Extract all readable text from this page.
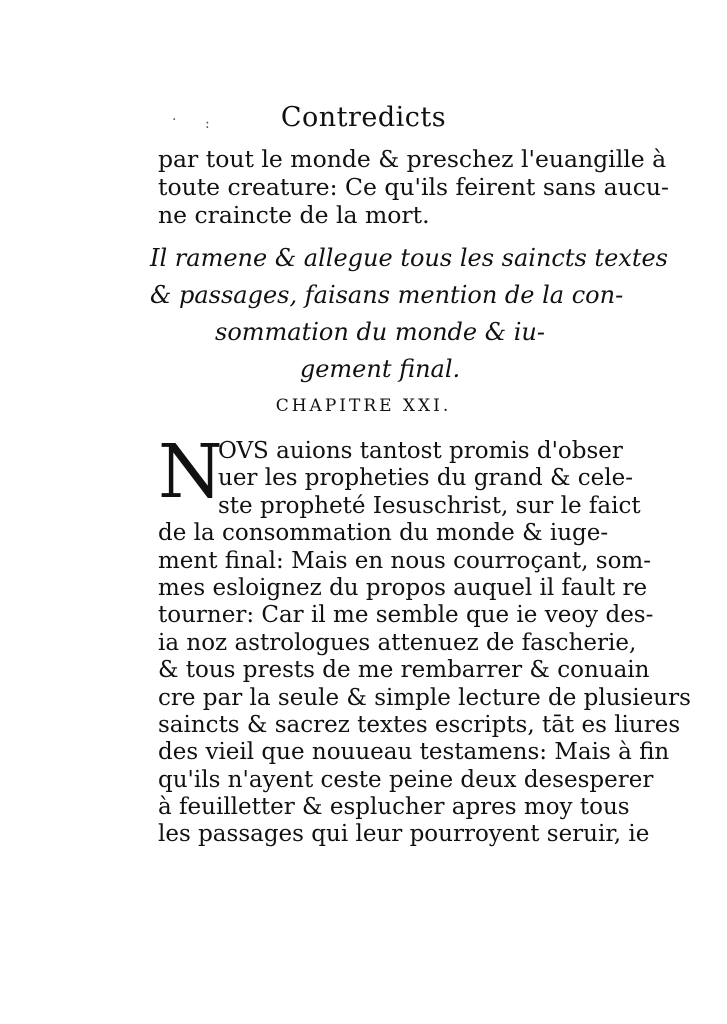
· :	Contredicts
par tout le monde & preschez l'euangille à
toute creature: Ce qu'ils feirent sans aucu-
ne craincte de la mort.
Il ramene & allegue tous les saincts textes
& passages, faisans mention de la con-
sommation du monde & iu-
gement final.
CHAPITRE XXI.
N
OVS auions tantost promis d'obser
uer les propheties du grand & cele-
ste propheté Iesuschrist, sur le faict
de la consommation du monde & iuge-
ment final: Mais en nous courroçant, som-
mes esloignez du propos auquel il fault re
tourner: Car il me semble que ie veoy des-
ia noz astrologues attenuez de fascherie,
& tous prests de me rembarrer & conuain
cre par la seule & simple lecture de plusieurs
saincts & sacrez textes escripts, tāt es liures
des vieil que nouueau testamens: Mais à fin
qu'ils n'ayent ceste peine deux desesperer
à feuilletter & esplucher apres moy tous
les passages qui leur pourroyent seruir, ie
